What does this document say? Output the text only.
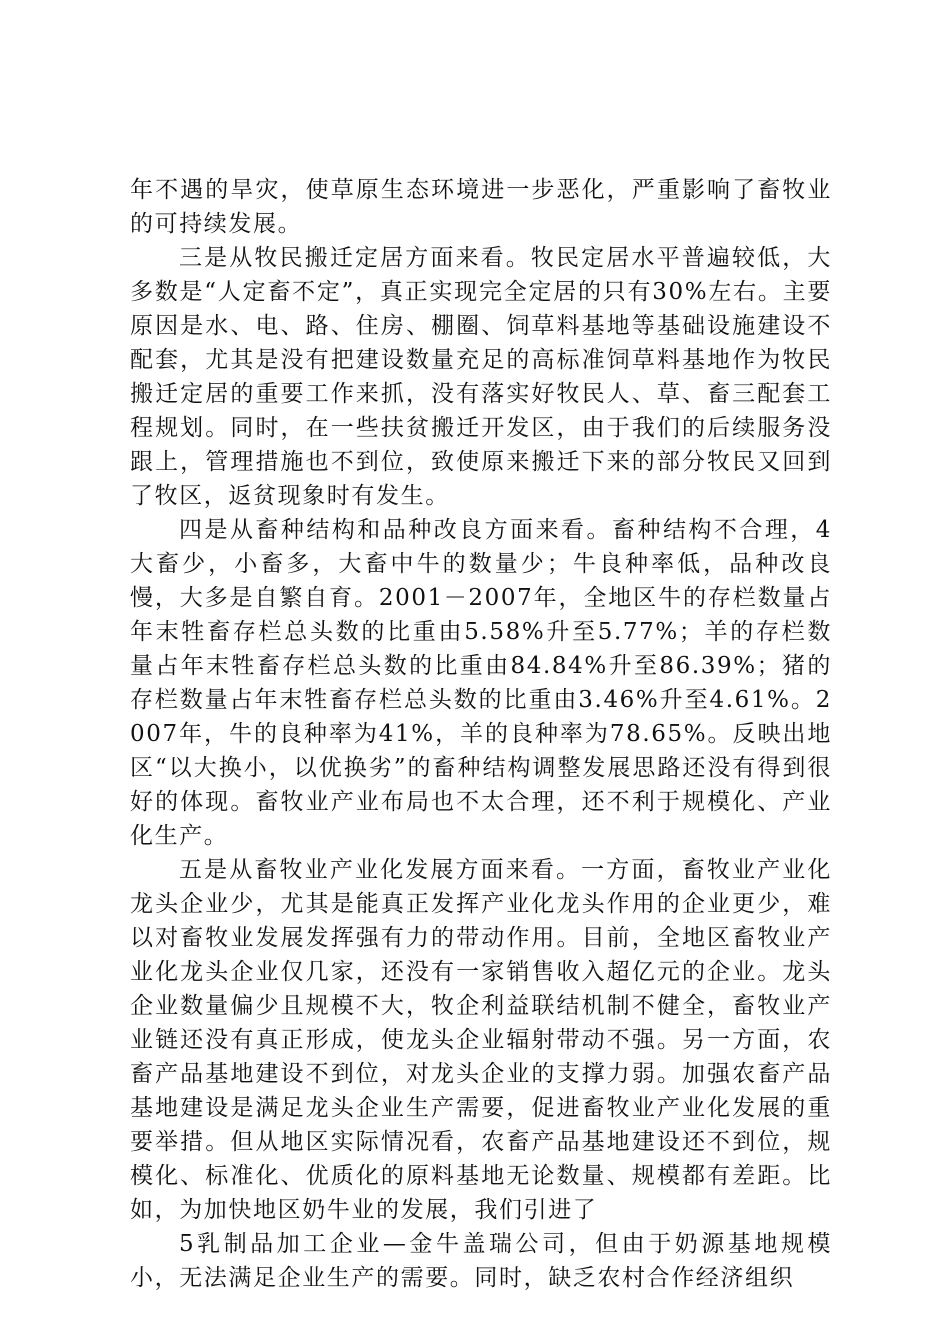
年不遇的旱灾，使草原生态环境进一步恶化，严重影响了畜牧业的可持续发展。

三是从牧民搬迁定居方面来看。牧民定居水平普遍较低，大多数是“人定畜不定”，真正实现完全定居的只有30%左右。主要原因是水、电、路、住房、棚圈、饲草料基地等基础设施建设不配套，尤其是没有把建设数量充足的高标准饲草料基地作为牧民搬迁定居的重要工作来抓，没有落实好牧民人、草、畜三配套工程规划。同时，在一些扶贫搬迁开发区，由于我们的后续服务没跟上，管理措施也不到位，致使原来搬迁下来的部分牧民又回到了牧区，返贫现象时有发生。

四是从畜种结构和品种改良方面来看。畜种结构不合理，4大畜少，小畜多，大畜中牛的数量少；牛良种率低，品种改良慢，大多是自繁自育。2001－2007年，全地区牛的存栏数量占年末牲畜存栏总头数的比重由5.58%升至5.77%；羊的存栏数量占年末牲畜存栏总头数的比重由84.84%升至86.39%；猪的存栏数量占年末牲畜存栏总头数的比重由3.46%升至4.61%。2007年，牛的良种率为41%，羊的良种率为78.65%。反映出地区“以大换小，以优换劣”的畜种结构调整发展思路还没有得到很好的体现。畜牧业产业布局也不太合理，还不利于规模化、产业化生产。

五是从畜牧业产业化发展方面来看。一方面，畜牧业产业化龙头企业少，尤其是能真正发挥产业化龙头作用的企业更少，难以对畜牧业发展发挥强有力的带动作用。目前，全地区畜牧业产业化龙头企业仅几家，还没有一家销售收入超亿元的企业。龙头企业数量偏少且规模不大，牧企利益联结机制不健全，畜牧业产业链还没有真正形成，使龙头企业辐射带动不强。另一方面，农畜产品基地建设不到位，对龙头企业的支撑力弱。加强农畜产品基地建设是满足龙头企业生产需要，促进畜牧业产业化发展的重要举措。但从地区实际情况看，农畜产品基地建设还不到位，规模化、标准化、优质化的原料基地无论数量、规模都有差距。比如，为加快地区奶牛业的发展，我们引进了

5乳制品加工企业—金牛盖瑞公司，但由于奶源基地规模小，无法满足企业生产的需要。同时，缺乏农村合作经济组织
